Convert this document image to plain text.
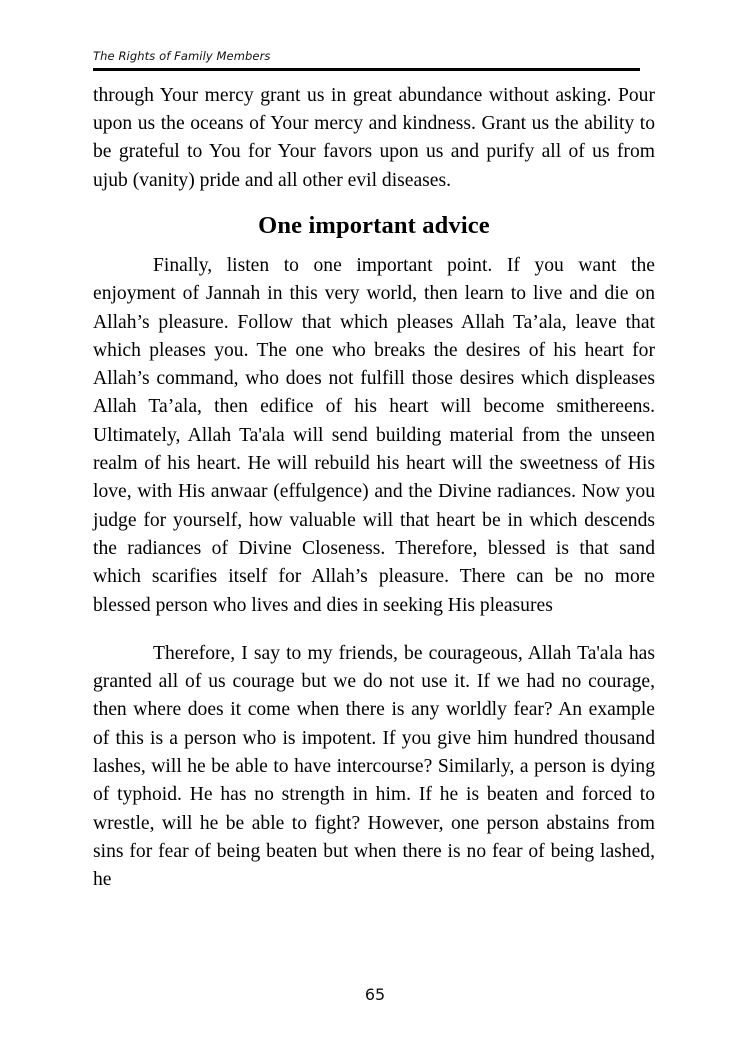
The Rights of Family Members

through Your mercy grant us in great abundance without asking. Pour upon us the oceans of Your mercy and kindness. Grant us the ability to be grateful to You for Your favors upon us and purify all of us from ujub (vanity) pride and all other evil diseases.

One important advice

Finally, listen to one important point. If you want the enjoyment of Jannah in this very world, then learn to live and die on Allah’s pleasure. Follow that which pleases Allah Ta’ala, leave that which pleases you. The one who breaks the desires of his heart for Allah’s command, who does not fulfill those desires which displeases Allah Ta’ala, then edifice of his heart will become smithereens. Ultimately, Allah Ta'ala will send building material from the unseen realm of his heart. He will rebuild his heart will the sweetness of His love, with His anwaar (effulgence) and the Divine radiances. Now you judge for yourself, how valuable will that heart be in which descends the radiances of Divine Closeness. Therefore, blessed is that sand which scarifies itself for Allah’s pleasure. There can be no more blessed person who lives and dies in seeking His pleasures

Therefore, I say to my friends, be courageous, Allah Ta'ala has granted all of us courage but we do not use it. If we had no courage, then where does it come when there is any worldly fear? An example of this is a person who is impotent. If you give him hundred thousand lashes, will he be able to have intercourse? Similarly, a person is dying of typhoid. He has no strength in him. If he is beaten and forced to wrestle, will he be able to fight? However, one person abstains from sins for fear of being beaten but when there is no fear of being lashed, he

65
